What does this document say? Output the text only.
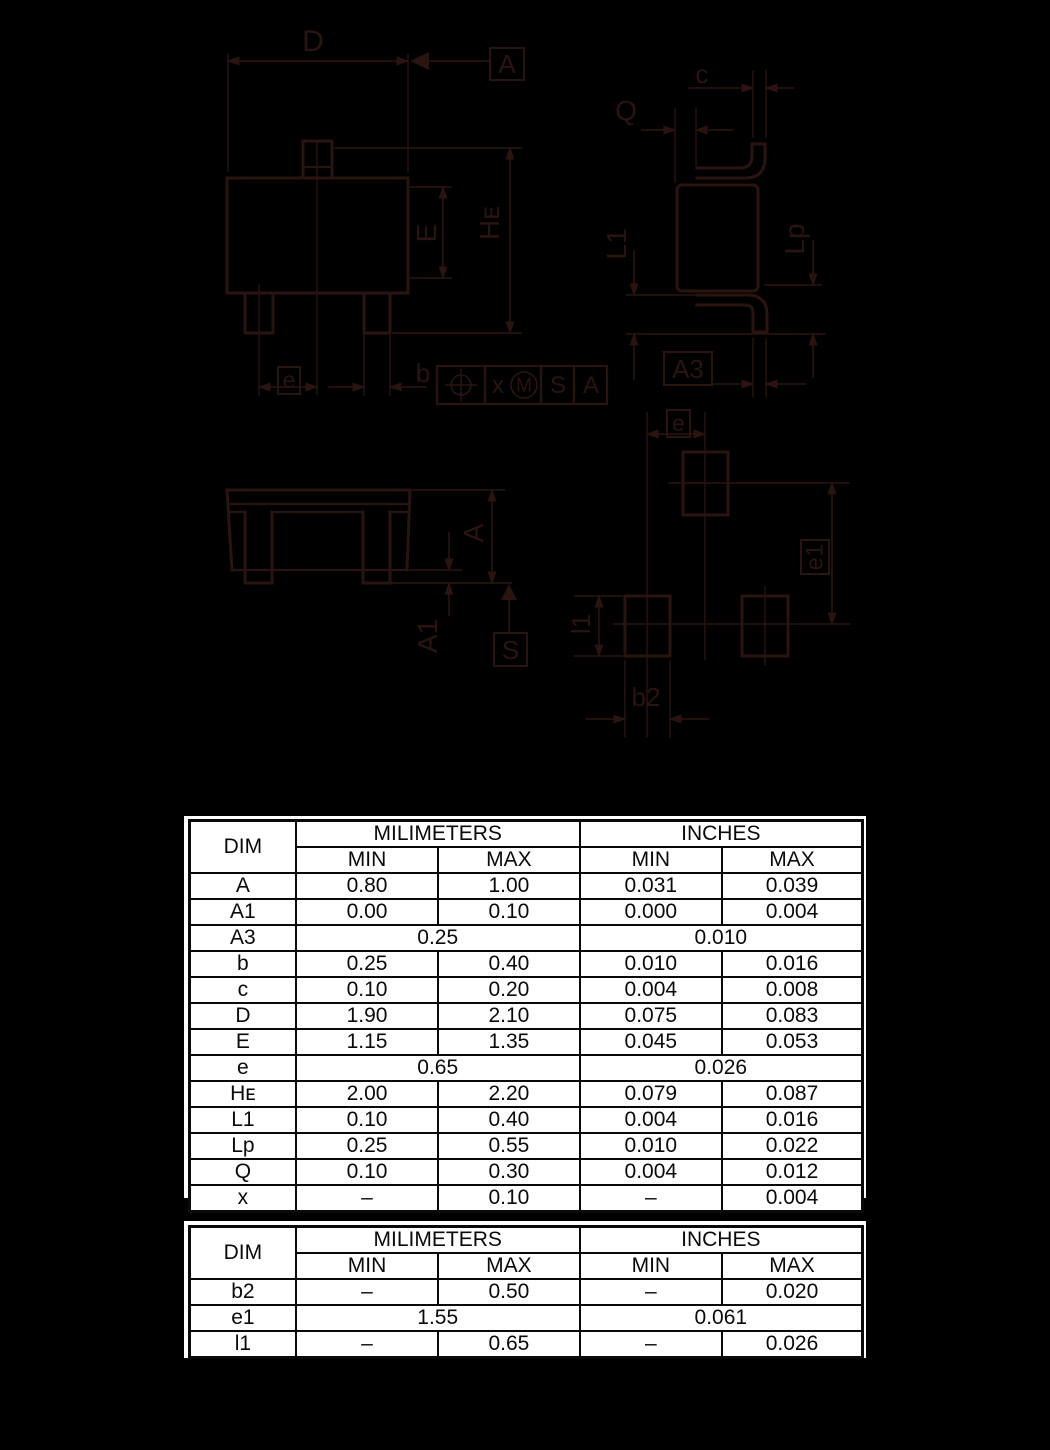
D
A
E Hᴇ
e	b	x M S A
c
Q
L1	Lp
A3
A
A1 S
e
e1
l1
b2
DIM	MILIMETERS		INCHES	
	MIN	MAX	MIN	MAX
A	0.80	1.00	0.031	0.039
A1	0.00	0.10	0.000	0.004
A3	0.25		0.010	
b	0.25	0.40	0.010	0.016
c	0.10	0.20	0.004	0.008
D	1.90	2.10	0.075	0.083
E	1.15	1.35	0.045	0.053
e	0.65		0.026	
Hᴇ	2.00	2.20	0.079	0.087
L1	0.10	0.40	0.004	0.016
Lp	0.25	0.55	0.010	0.022
Q	0.10	0.30	0.004	0.012
x	–	0.10	–	0.004
DIM	MILIMETERS		INCHES	
	MIN	MAX	MIN	MAX
b2	–	0.50	–	0.020
e1	1.55		0.061	
l1	–	0.65	–	0.026
